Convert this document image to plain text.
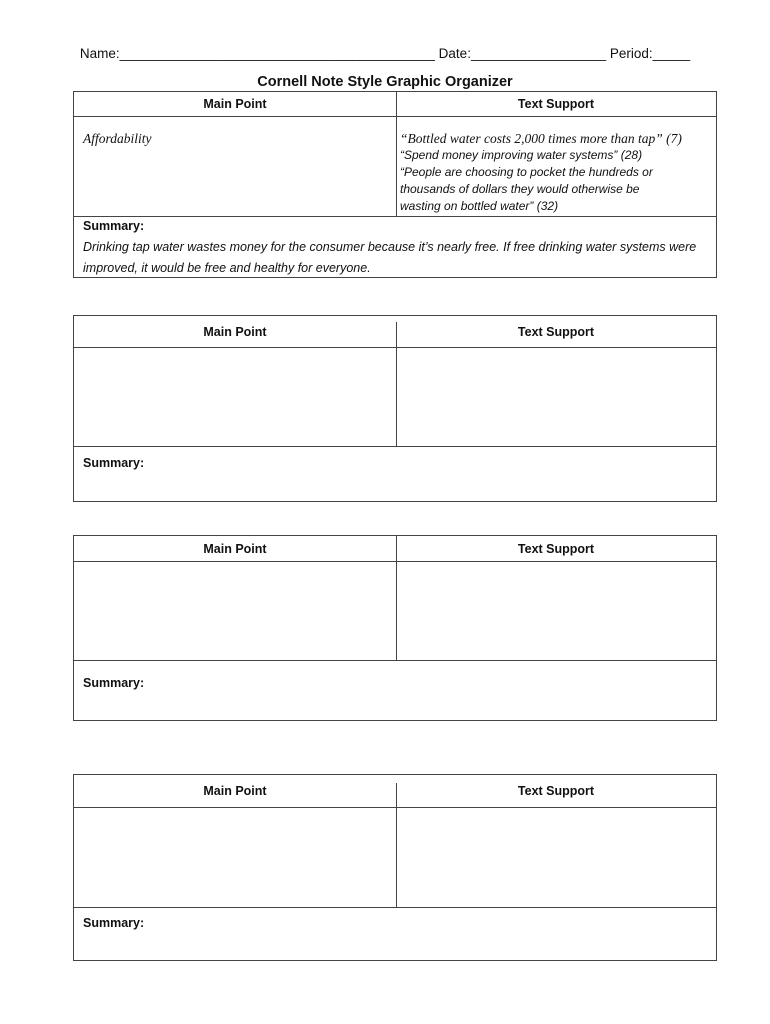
Name:__________________________________________ Date:__________________ Period:_____
Cornell Note Style Graphic Organizer
Main Point	Text Support
Affordability	“Bottled water costs 2,000 times more than tap” (7)
“Spend money improving water systems” (28)
“People are choosing to pocket the hundreds or
thousands of dollars they would otherwise be
wasting on bottled water” (32)
Summary:
Drinking tap water wastes money for the consumer because it’s nearly free. If free drinking water systems were improved, it would be free and healthy for everyone.
Main Point	Text Support
Summary:
Main Point	Text Support
Summary:
Main Point	Text Support
Summary:
